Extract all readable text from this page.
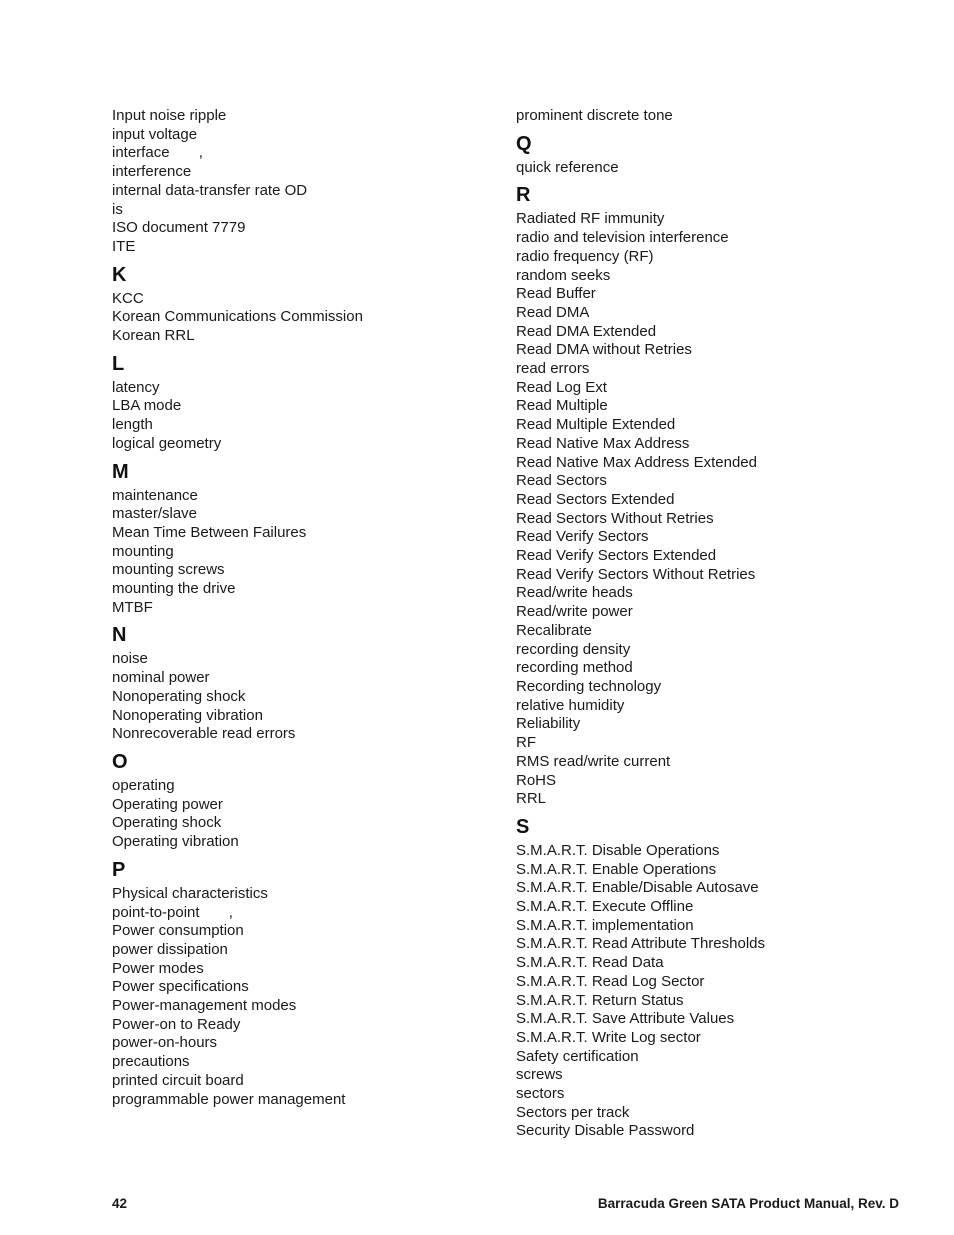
Input noise ripple
input voltage
interface       ,
interference
internal data-transfer rate OD
is
ISO document 7779
ITE
K
KCC
Korean Communications Commission
Korean RRL
L
latency
LBA mode
length
logical geometry
M
maintenance
master/slave
Mean Time Between Failures
mounting
mounting screws
mounting the drive
MTBF
N
noise
nominal power
Nonoperating shock
Nonoperating vibration
Nonrecoverable read errors
O
operating
Operating power
Operating shock
Operating vibration
P
Physical characteristics
point-to-point       ,
Power consumption
power dissipation
Power modes
Power specifications
Power-management modes
Power-on to Ready
power-on-hours
precautions
printed circuit board
programmable power management
prominent discrete tone
Q
quick reference
R
Radiated RF immunity
radio and television interference
radio frequency (RF)
random seeks
Read Buffer
Read DMA
Read DMA Extended
Read DMA without Retries
read errors
Read Log Ext
Read Multiple
Read Multiple Extended
Read Native Max Address
Read Native Max Address Extended
Read Sectors
Read Sectors Extended
Read Sectors Without Retries
Read Verify Sectors
Read Verify Sectors Extended
Read Verify Sectors Without Retries
Read/write heads
Read/write power
Recalibrate
recording density
recording method
Recording technology
relative humidity
Reliability
RF
RMS read/write current
RoHS
RRL
S
S.M.A.R.T. Disable Operations
S.M.A.R.T. Enable Operations
S.M.A.R.T. Enable/Disable Autosave
S.M.A.R.T. Execute Offline
S.M.A.R.T. implementation
S.M.A.R.T. Read Attribute Thresholds
S.M.A.R.T. Read Data
S.M.A.R.T. Read Log Sector
S.M.A.R.T. Return Status
S.M.A.R.T. Save Attribute Values
S.M.A.R.T. Write Log sector
Safety certification
screws
sectors
Sectors per track
Security Disable Password
42	Barracuda Green SATA Product Manual, Rev. D
